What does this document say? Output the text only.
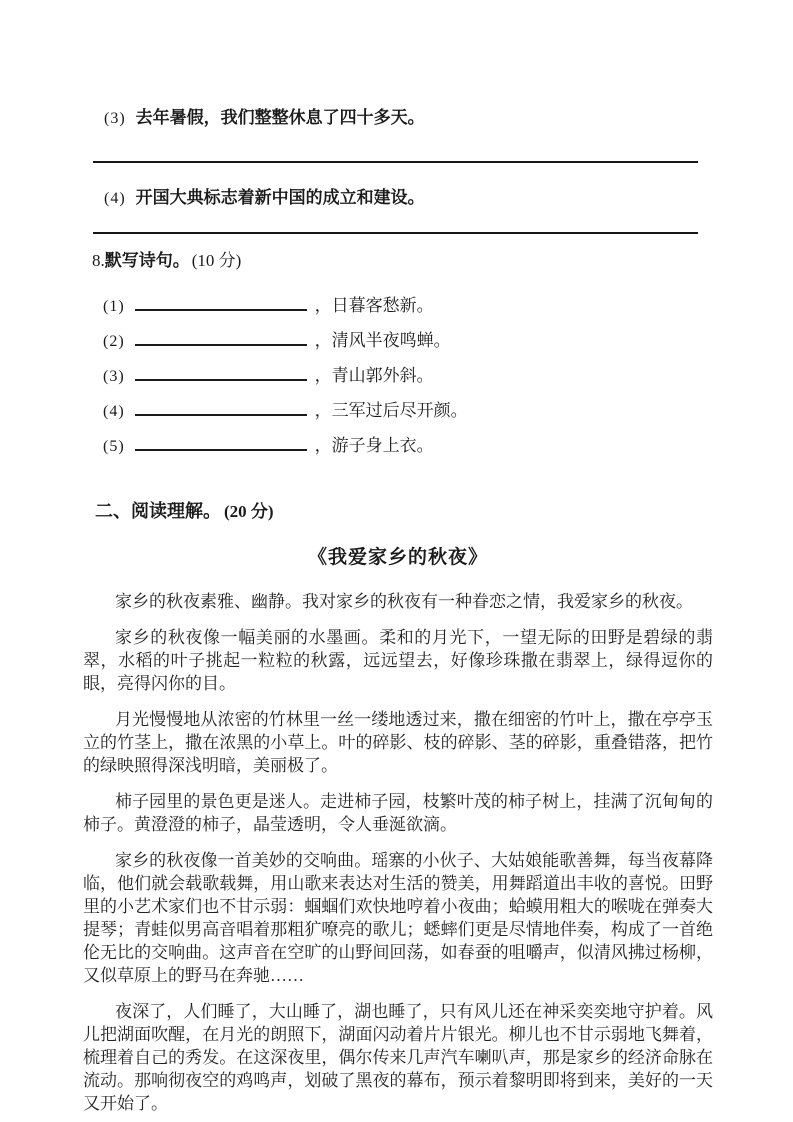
(3) 去年暑假，我们整整休息了四十多天。
(4) 开国大典标志着新中国的成立和建设。
8.默写诗句。 (10 分)
(1)	，日暮客愁新。
(2)	，清风半夜鸣蝉。
(3)	，青山郭外斜。
(4)	，三军过后尽开颜。
(5)	，游子身上衣。
二、阅读理解。 (20 分)
《我爱家乡的秋夜》

家乡的秋夜素雅、幽静。我对家乡的秋夜有一种眷恋之情，我爱家乡的秋夜。

家乡的秋夜像一幅美丽的水墨画。柔和的月光下，一望无际的田野是碧绿的翡翠，水稻的叶子挑起一粒粒的秋露，远远望去，好像珍珠撒在翡翠上，绿得逗你的眼，亮得闪你的目。

月光慢慢地从浓密的竹林里一丝一缕地透过来，撒在细密的竹叶上，撒在亭亭玉立的竹茎上，撒在浓黑的小草上。叶的碎影、枝的碎影、茎的碎影，重叠错落，把竹的绿映照得深浅明暗，美丽极了。

柿子园里的景色更是迷人。走进柿子园，枝繁叶茂的柿子树上，挂满了沉甸甸的柿子。黄澄澄的柿子，晶莹透明，令人垂涎欲滴。

家乡的秋夜像一首美妙的交响曲。瑶寨的小伙子、大姑娘能歌善舞，每当夜幕降临，他们就会载歌载舞，用山歌来表达对生活的赞美，用舞蹈道出丰收的喜悦。田野里的小艺术家们也不甘示弱：蝈蝈们欢快地哼着小夜曲；蛤蟆用粗大的喉咙在弹奏大提琴；青蛙似男高音唱着那粗犷嘹亮的歌儿；蟋蟀们更是尽情地伴奏，构成了一首绝伦无比的交响曲。这声音在空旷的山野间回荡，如春蚕的咀嚼声，似清风拂过杨柳，又似草原上的野马在奔驰……

夜深了，人们睡了，大山睡了，湖也睡了，只有风儿还在神采奕奕地守护着。风儿把湖面吹醒，在月光的朗照下，湖面闪动着片片银光。柳儿也不甘示弱地飞舞着，梳理着自己的秀发。在这深夜里，偶尔传来几声汽车喇叭声，那是家乡的经济命脉在流动。那响彻夜空的鸡鸣声，划破了黑夜的幕布，预示着黎明即将到来，美好的一天又开始了。
